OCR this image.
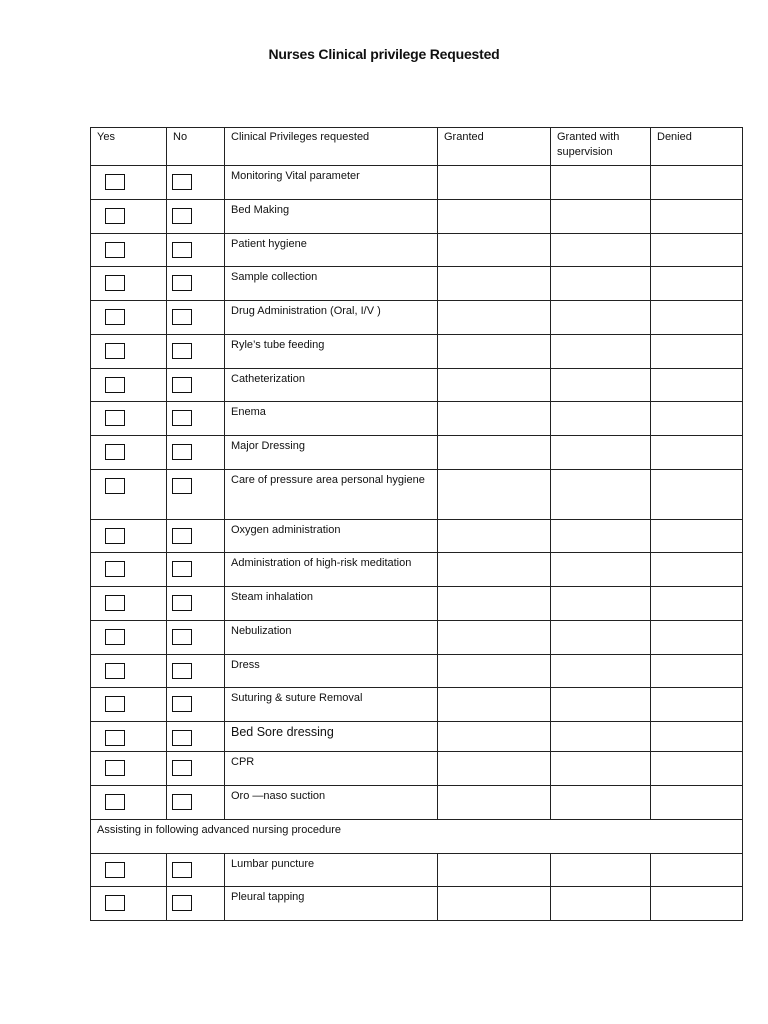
Nurses Clinical privilege Requested
Yes	No	Clinical Privileges requested	Granted	Granted with supervision	Denied

	Monitoring Vital parameter			

	Bed Making			

	Patient hygiene			

	Sample collection			

	Drug Administration (Oral, I/V )			

	Ryle’s tube feeding			

	Catheterization			

	Enema			

	Major Dressing			

	Care of pressure area personal hygiene			

	Oxygen administration			

	Administration of high-risk meditation			

	Steam inhalation			

	Nebulization			

	Dress			

	Suturing & suture Removal			

	Bed Sore dressing			

	CPR			

	Oro —naso suction			
Assisting in following advanced nursing procedure					

	Lumbar puncture			

	Pleural tapping			
